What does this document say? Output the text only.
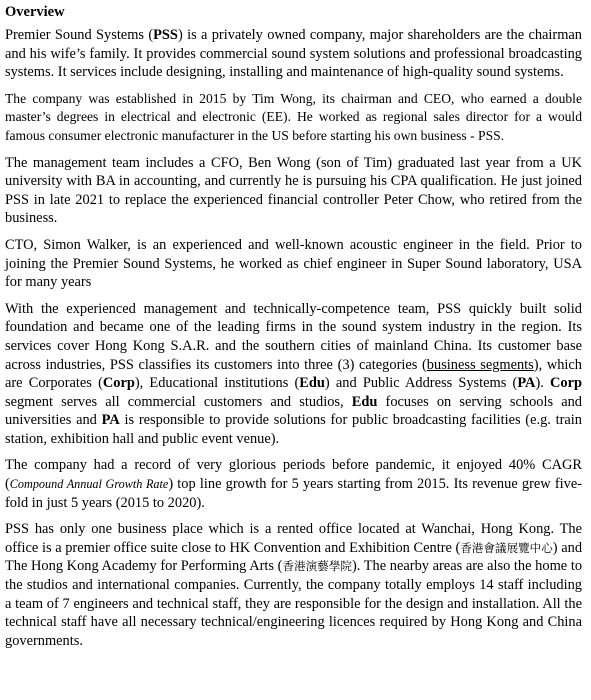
Overview

Premier Sound Systems (PSS) is a privately owned company, major shareholders are the chairman and his wife’s family. It provides commercial sound system solutions and professional broadcasting systems. It services include designing, installing and maintenance of high-quality sound systems.

The company was established in 2015 by Tim Wong, its chairman and CEO, who earned a double master’s degrees in electrical and electronic (EE). He worked as regional sales director for a would famous consumer electronic manufacturer in the US before starting his own business - PSS.

The management team includes a CFO, Ben Wong (son of Tim) graduated last year from a UK university with BA in accounting, and currently he is pursuing his CPA qualification. He just joined PSS in late 2021 to replace the experienced financial controller Peter Chow, who retired from the business.

CTO, Simon Walker, is an experienced and well-known acoustic engineer in the field. Prior to joining the Premier Sound Systems, he worked as chief engineer in Super Sound laboratory, USA for many years

With the experienced management and technically-competence team, PSS quickly built solid foundation and became one of the leading firms in the sound system industry in the region. Its services cover Hong Kong S.A.R. and the southern cities of mainland China. Its customer base across industries, PSS classifies its customers into three (3) categories (business segments), which are Corporates (Corp), Educational institutions (Edu) and Public Address Systems (PA). Corp segment serves all commercial customers and studios, Edu focuses on serving schools and universities and PA is responsible to provide solutions for public broadcasting facilities (e.g. train station, exhibition hall and public event venue).

The company had a record of very glorious periods before pandemic, it enjoyed 40% CAGR (Compound Annual Growth Rate) top line growth for 5 years starting from 2015. Its revenue grew five-fold in just 5 years (2015 to 2020).

PSS has only one business place which is a rented office located at Wanchai, Hong Kong. The office is a premier office suite close to HK Convention and Exhibition Centre (香港會議展覽中心) and The Hong Kong Academy for Performing Arts (香港演藝學院). The nearby areas are also the home to the studios and international companies. Currently, the company totally employs 14 staff including a team of 7 engineers and technical staff, they are responsible for the design and installation. All the technical staff have all necessary technical/engineering licences required by Hong Kong and China governments.
